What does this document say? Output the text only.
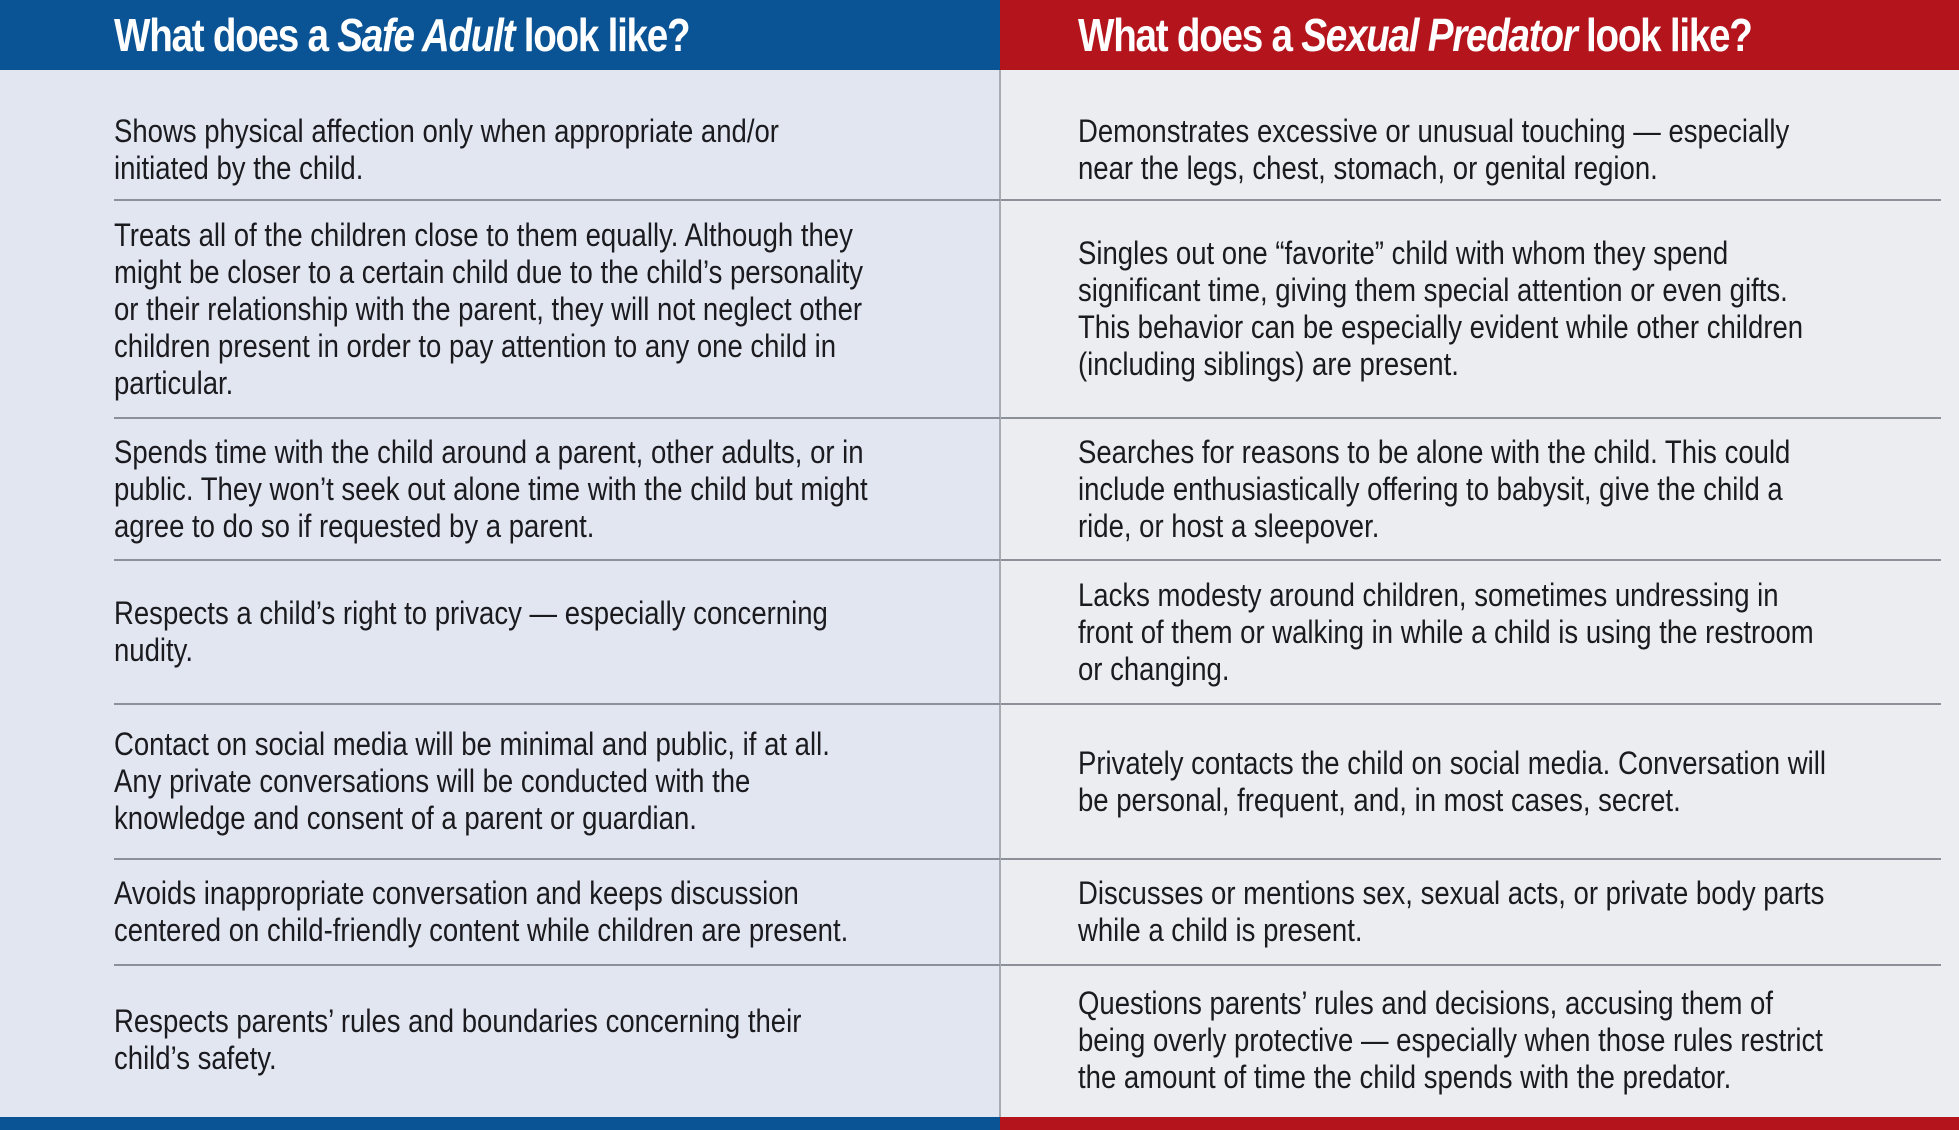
What does a Safe Adult look like?	What does a Sexual Predator look like?
Shows physical affection only when appropriate and/or initiated by the child.
Demonstrates excessive or unusual touching — especially near the legs, chest, stomach, or genital region.
Treats all of the children close to them equally. Although they might be closer to a certain child due to the child’s personality or their relationship with the parent, they will not neglect other children present in order to pay attention to any one child in particular.
Singles out one “favorite” child with whom they spend significant time, giving them special attention or even gifts. This behavior can be especially evident while other children (including siblings) are present.
Spends time with the child around a parent, other adults, or in public. They won’t seek out alone time with the child but might agree to do so if requested by a parent.
Searches for reasons to be alone with the child. This could include enthusiastically offering to babysit, give the child a ride, or host a sleepover.
Respects a child’s right to privacy — especially concerning nudity.
Lacks modesty around children, sometimes undressing in front of them or walking in while a child is using the restroom or changing.
Contact on social media will be minimal and public, if at all. Any private conversations will be conducted with the knowledge and consent of a parent or guardian.
Privately contacts the child on social media. Conversation will be personal, frequent, and, in most cases, secret.
Avoids inappropriate conversation and keeps discussion centered on child-friendly content while children are present.
Discusses or mentions sex, sexual acts, or private body parts while a child is present.
Respects parents’ rules and boundaries concerning their child’s safety.
Questions parents’ rules and decisions, accusing them of being overly protective — especially when those rules restrict the amount of time the child spends with the predator.
